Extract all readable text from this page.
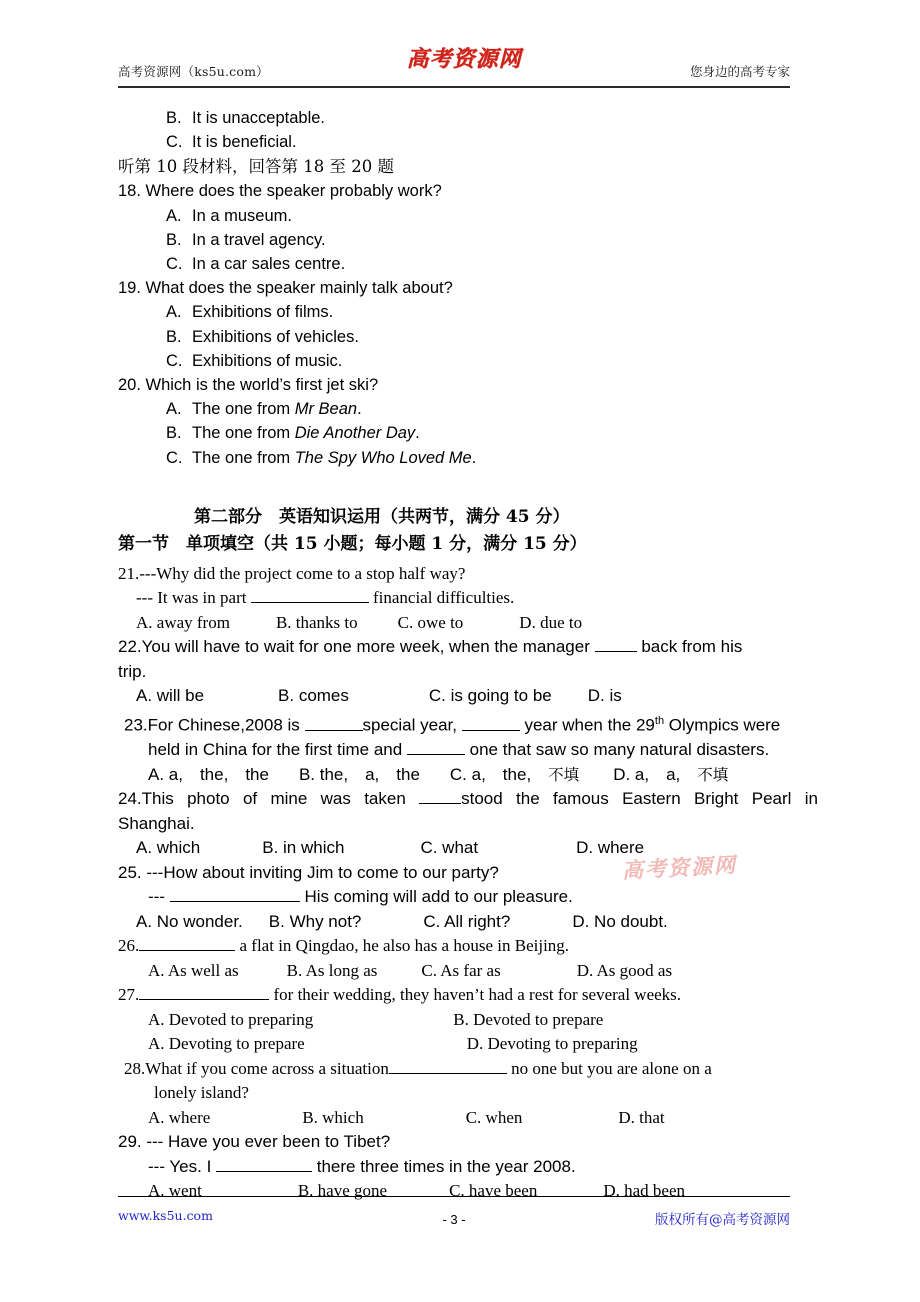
高考资源网（ks5u.com）	高考资源网	您身边的高考专家
B. It is unacceptable.
C. It is beneficial.
听第 10 段材料，回答第 18 至 20 题
18. Where does the speaker probably work?
A. In a museum.
B. In a travel agency.
C. In a car sales centre.
19. What does the speaker mainly talk about?
A. Exhibitions of films.
B. Exhibitions of vehicles.
C. Exhibitions of music.
20. Which is the world’s first jet ski?
A. The one from Mr Bean.
B. The one from Die Another Day.
C. The one from The Spy Who Loved Me.
第二部分　英语知识运用（共两节，满分 45 分）
第一节　单项填空（共 15 小题；每小题 1 分，满分 15 分）
21.---Why did the project come to a stop half way?
--- It was in part	financial difficulties.
A. away from	B. thanks to C. owe to	D. due to
22.You will have to wait for one more week, when the manager  back from his
trip.
A. will be	B. comes	C. is going to be D. is
23.For Chinese,2008 is	special year,	year when the 29th Olympics were
held in China for the first time and	one that saw so many natural disasters.
A. a,　the,　the B. the,　a,　the C. a,　the,　不填 D. a,　a,　不填
24.This photo of mine was taken stood the famous Eastern Bright Pearl in
Shanghai.
A. which	B. in which	C. what	D. where
25. ---How about inviting Jim to come to our party?
---	His coming will add to our pleasure.
A. No wonder. B. Why not?	C. All right?	D. No doubt.
26.	a flat in Qingdao, he also has a house in Beijing.
A. As well as	B. As long as	C. As far as	D. As good as
27.	for their wedding, they haven’t had a rest for several weeks.
A. Devoted to preparing	B. Devoted to prepare
A. Devoting to prepare	D. Devoting to preparing
28.What if you come across a situation	no one but you are alone on a
lonely island?
A. where	B. which	C. when	D. that
29. --- Have you ever been to Tibet?
--- Yes. I	there three times in the year 2008.
A. went	B. have gone	C. have been	D. had been
高考资源网
www.ks5u.com	- 3 -	版权所有@高考资源网
